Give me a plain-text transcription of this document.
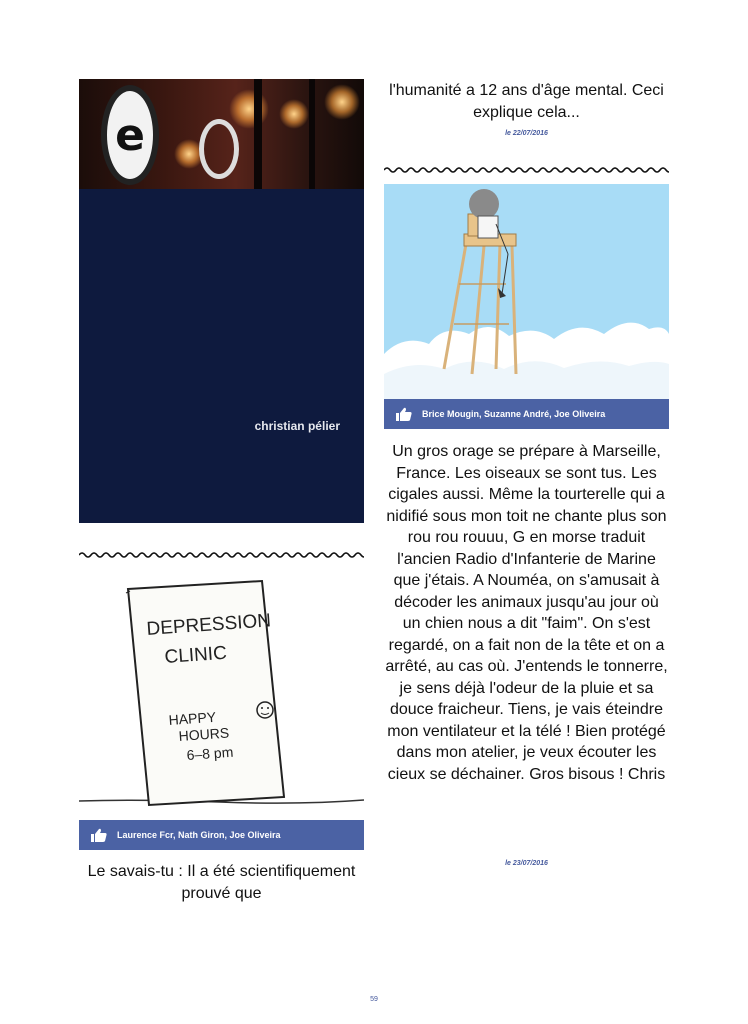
e
christian pélier
DEPRESSION
CLINIC
HAPPY
HOURS
6–8 pm
Laurence Fcr, Nath Giron, Joe Oliveira
Le savais-tu : Il a été scientifiquement prouvé que
l'humanité a 12 ans d'âge mental. Ceci explique cela...
le 22/07/2016
Brice Mougin, Suzanne André, Joe Oliveira
Un gros orage se prépare à Marseille, France. Les oiseaux se sont tus. Les cigales aussi. Même la tourterelle qui a nidifié sous mon toit ne chante plus son rou rou rouuu, G en morse traduit l'ancien Radio d'Infanterie de Marine que j'étais. A Nouméa, on s'amusait à décoder les animaux jusqu'au jour où un chien nous a dit "faim". On s'est regardé, on a fait non de la tête et on a arrêté, au cas où. J'entends le tonnerre, je sens déjà l'odeur de la pluie et sa douce fraicheur. Tiens, je vais éteindre mon ventilateur et la télé ! Bien protégé dans mon atelier, je veux écouter les cieux se déchainer. Gros bisous ! Chris
le 23/07/2016
59
